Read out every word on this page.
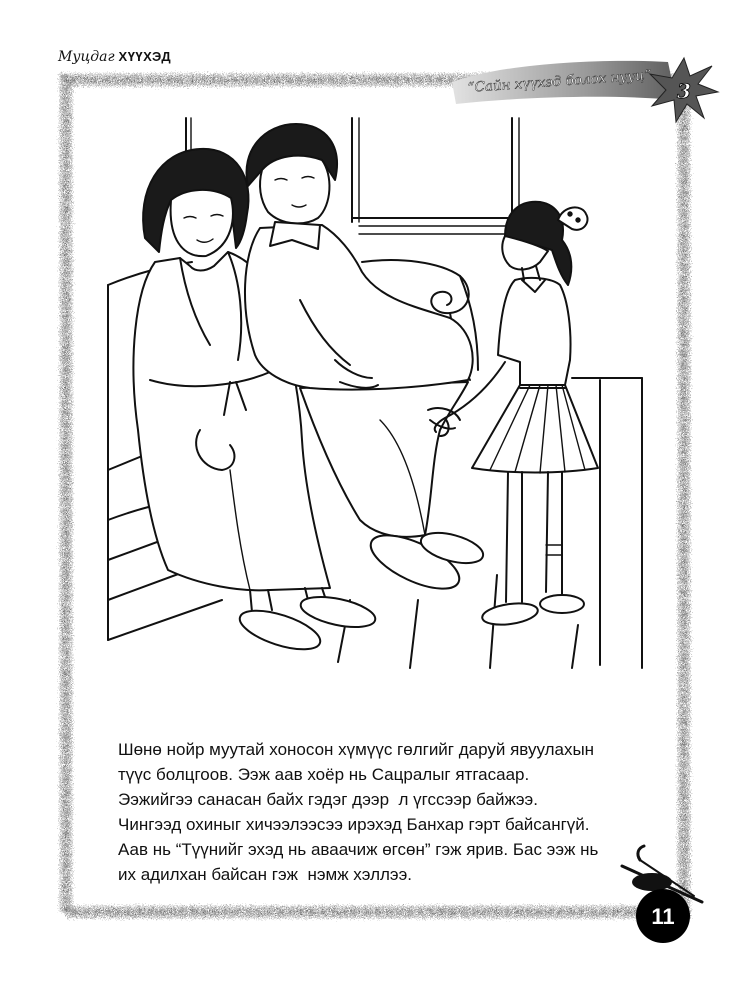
Муцдаг ХҮҮХЭД
“Сайн хүүхэд болох нууц” 3
Шөнө нойр муутай хоносон хүмүүс гөлгийг даруй явуулахын
түүс болцгоов. Ээж аав хоёр нь Сацралыг ятгасаар.
Ээжийгээ санасан байх гэдэг дээр  л үгссээр байжээ.
Чингээд охиныг хичээлээсээ ирэхэд Банхар гэрт байсангүй.
Аав нь “Түүнийг эхэд нь аваачиж өгсөн” гэж ярив. Бас ээж нь
их адилхан байсан гэж  нэмж хэллээ.
11
